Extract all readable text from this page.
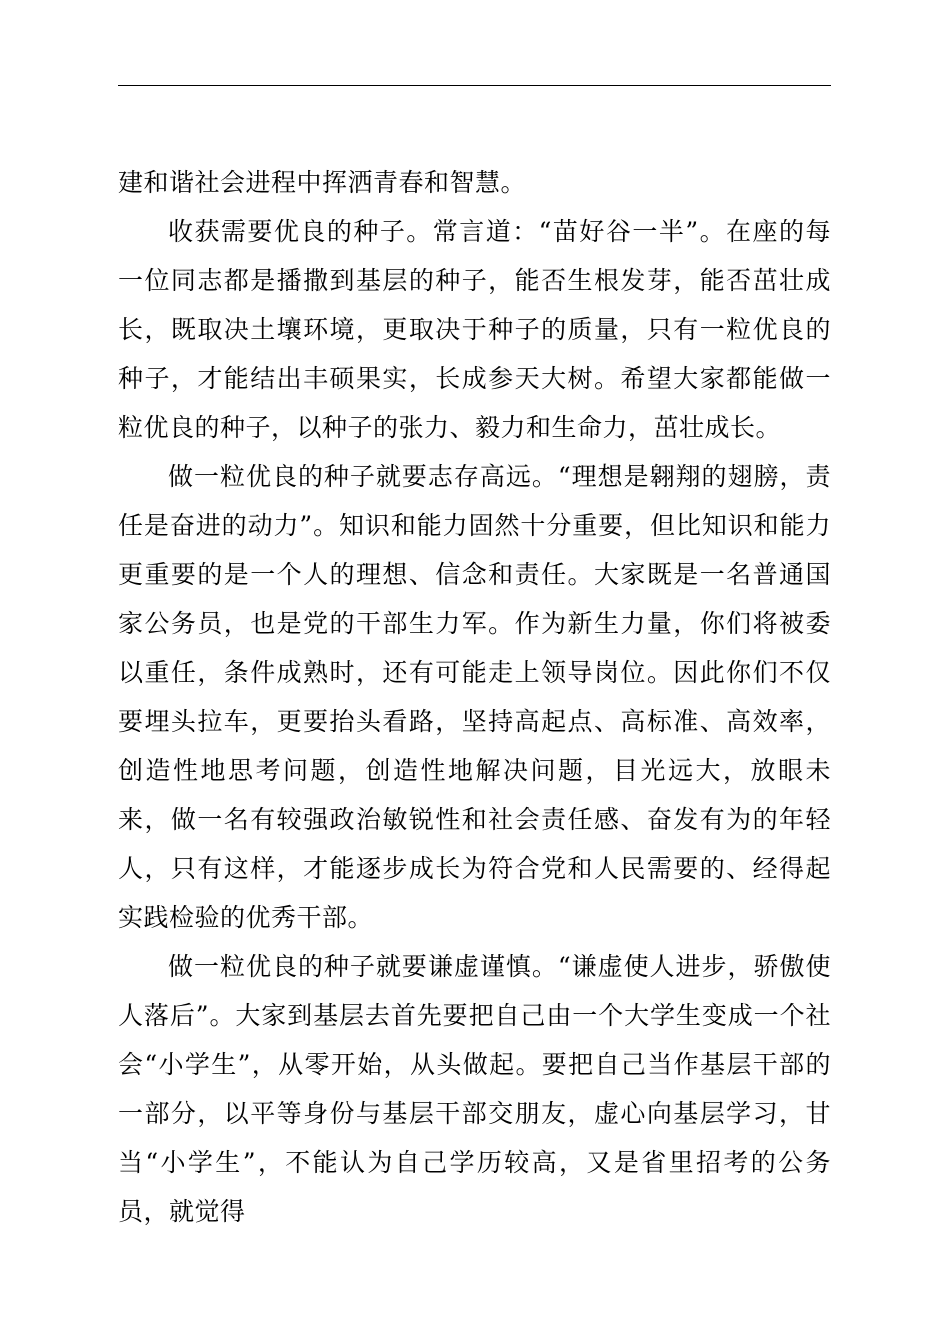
建和谐社会进程中挥洒青春和智慧。

收获需要优良的种子。常言道：“苗好谷一半”。在座的每一位同志都是播撒到基层的种子，能否生根发芽，能否茁壮成长，既取决土壤环境，更取决于种子的质量，只有一粒优良的种子，才能结出丰硕果实，长成参天大树。希望大家都能做一粒优良的种子，以种子的张力、毅力和生命力，茁壮成长。

做一粒优良的种子就要志存高远。“理想是翱翔的翅膀，责任是奋进的动力”。知识和能力固然十分重要，但比知识和能力更重要的是一个人的理想、信念和责任。大家既是一名普通国家公务员，也是党的干部生力军。作为新生力量，你们将被委以重任，条件成熟时，还有可能走上领导岗位。因此你们不仅要埋头拉车，更要抬头看路，坚持高起点、高标准、高效率，创造性地思考问题，创造性地解决问题，目光远大，放眼未来，做一名有较强政治敏锐性和社会责任感、奋发有为的年轻人，只有这样，才能逐步成长为符合党和人民需要的、经得起实践检验的优秀干部。

做一粒优良的种子就要谦虚谨慎。“谦虚使人进步，骄傲使人落后”。大家到基层去首先要把自己由一个大学生变成一个社会“小学生”，从零开始，从头做起。要把自己当作基层干部的一部分，以平等身份与基层干部交朋友，虚心向基层学习，甘当“小学生”，不能认为自己学历较高，又是省里招考的公务员，就觉得
